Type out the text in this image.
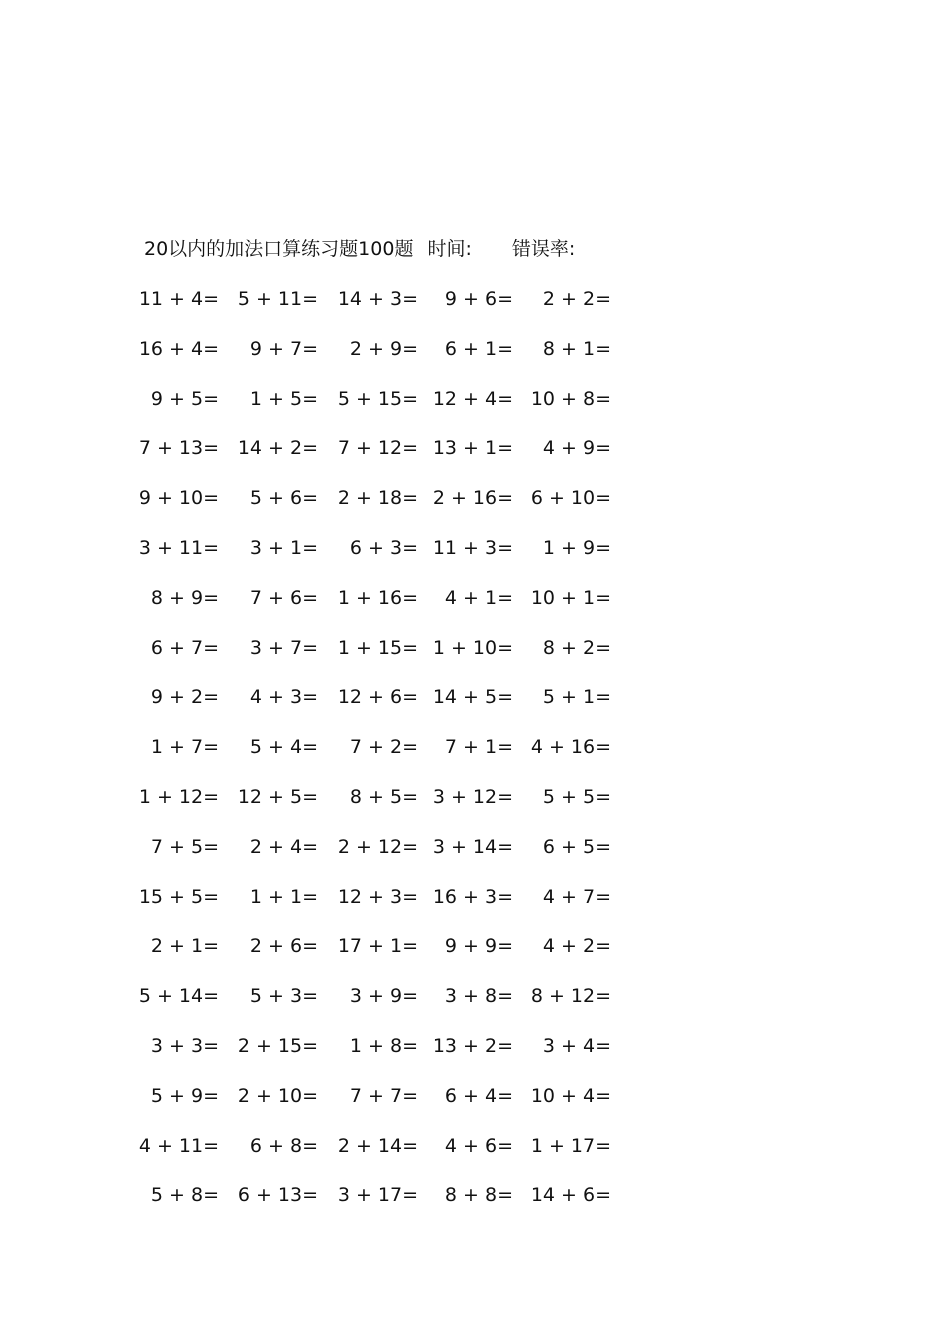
20以内的加法口算练习题100题 时间: 错误率:
11 + 4= 5 + 11= 14 + 3= 9 + 6= 2 + 2=
16 + 4= 9 + 7= 2 + 9= 6 + 1= 8 + 1=
9 + 5= 1 + 5= 5 + 15= 12 + 4= 10 + 8=
7 + 13= 14 + 2= 7 + 12= 13 + 1= 4 + 9=
9 + 10= 5 + 6= 2 + 18= 2 + 16= 6 + 10=
3 + 11= 3 + 1= 6 + 3= 11 + 3= 1 + 9=
8 + 9= 7 + 6= 1 + 16= 4 + 1= 10 + 1=
6 + 7= 3 + 7= 1 + 15= 1 + 10= 8 + 2=
9 + 2= 4 + 3= 12 + 6= 14 + 5= 5 + 1=
1 + 7= 5 + 4= 7 + 2= 7 + 1= 4 + 16=
1 + 12= 12 + 5= 8 + 5= 3 + 12= 5 + 5=
7 + 5= 2 + 4= 2 + 12= 3 + 14= 6 + 5=
15 + 5= 1 + 1= 12 + 3= 16 + 3= 4 + 7=
2 + 1= 2 + 6= 17 + 1= 9 + 9= 4 + 2=
5 + 14= 5 + 3= 3 + 9= 3 + 8= 8 + 12=
3 + 3= 2 + 15= 1 + 8= 13 + 2= 3 + 4=
5 + 9= 2 + 10= 7 + 7= 6 + 4= 10 + 4=
4 + 11= 6 + 8= 2 + 14= 4 + 6= 1 + 17=
5 + 8= 6 + 13= 3 + 17= 8 + 8= 14 + 6=
